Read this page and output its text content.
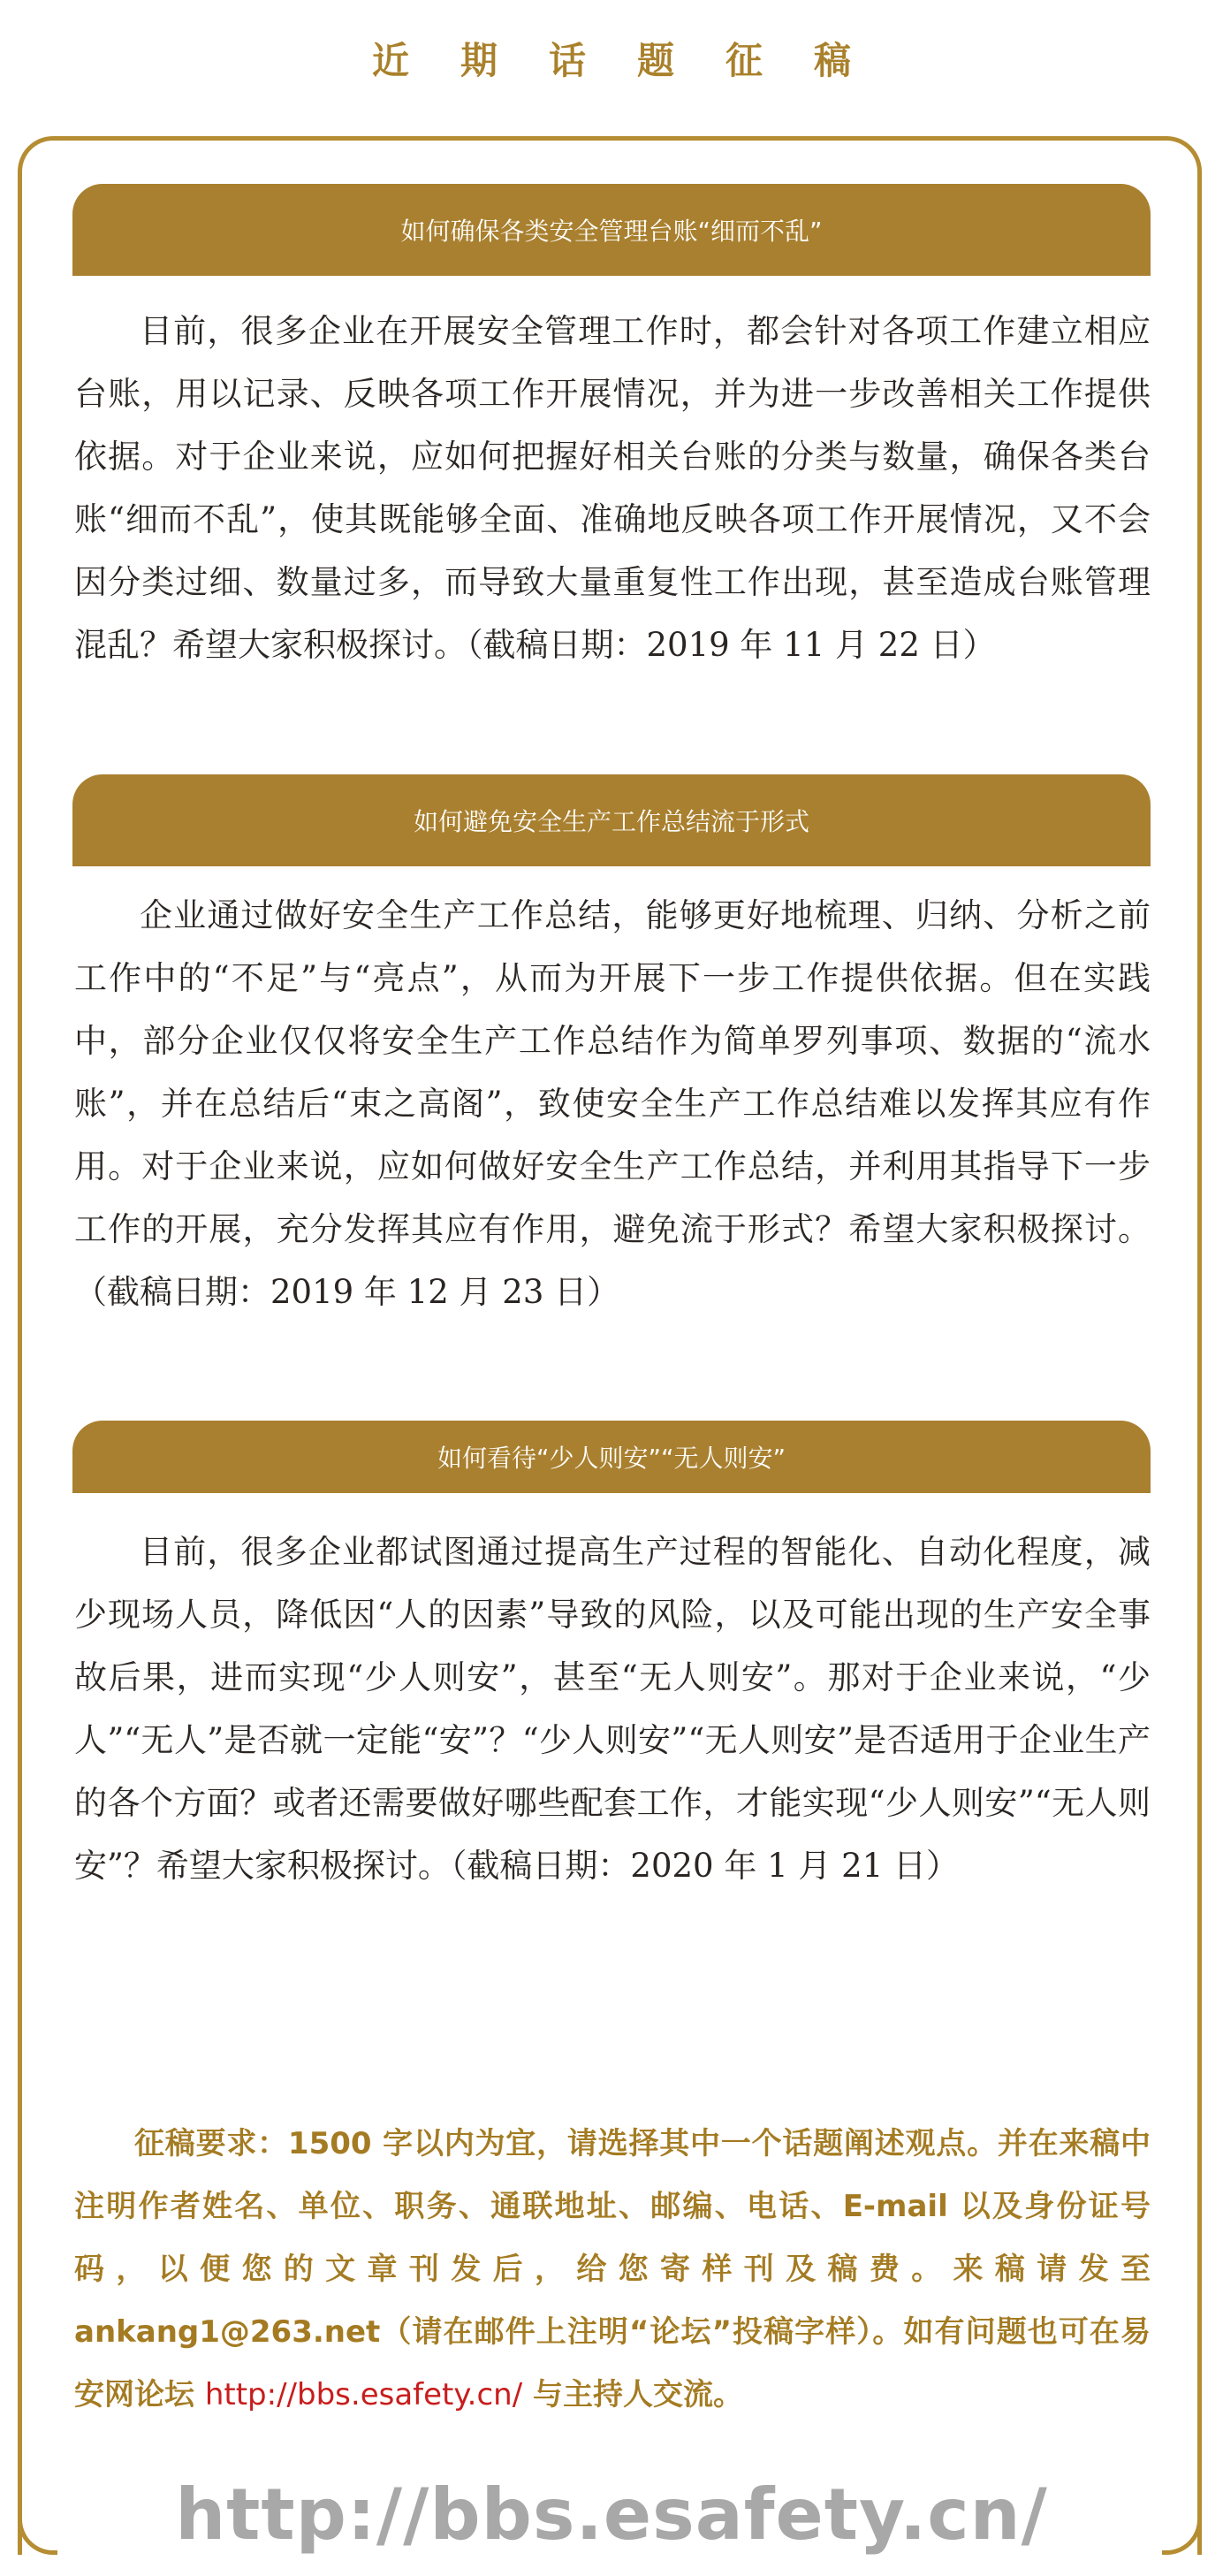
近期话题征稿
如何确保各类安全管理台账“细而不乱”

目前，很多企业在开展安全管理工作时，都会针对各项工作建立相应台账，用以记录、反映各项工作开展情况，并为进一步改善相关工作提供依据。对于企业来说，应如何把握好相关台账的分类与数量，确保各类台账“细而不乱”，使其既能够全面、准确地反映各项工作开展情况，又不会因分类过细、数量过多，而导致大量重复性工作出现，甚至造成台账管理混乱？希望大家积极探讨。（截稿日期：2019 年 11 月 22 日）

如何避免安全生产工作总结流于形式

企业通过做好安全生产工作总结，能够更好地梳理、归纳、分析之前工作中的“不足”与“亮点”，从而为开展下一步工作提供依据。但在实践中，部分企业仅仅将安全生产工作总结作为简单罗列事项、数据的“流水账”，并在总结后“束之高阁”，致使安全生产工作总结难以发挥其应有作用。对于企业来说，应如何做好安全生产工作总结，并利用其指导下一步工作的开展，充分发挥其应有作用，避免流于形式？希望大家积极探讨。（截稿日期：2019 年 12 月 23 日）

如何看待“少人则安”“无人则安”

目前，很多企业都试图通过提高生产过程的智能化、自动化程度，减少现场人员，降低因“人的因素”导致的风险，以及可能出现的生产安全事故后果，进而实现“少人则安”，甚至“无人则安”。那对于企业来说，“少人”“无人”是否就一定能“安”？“少人则安”“无人则安”是否适用于企业生产的各个方面？或者还需要做好哪些配套工作，才能实现“少人则安”“无人则安”？希望大家积极探讨。（截稿日期：2020 年 1 月 21 日）

征稿要求：1500 字以内为宜，请选择其中一个话题阐述观点。并在来稿中注明作者姓名、单位、职务、通联地址、邮编、电话、E-mail 以及身份证号码，以便您的文章刊发后，给您寄样刊及稿费。来稿请发至 ankang1@263.net（请在邮件上注明“论坛”投稿字样）。如有问题也可在易安网论坛 http://bbs.esafety.cn/ 与主持人交流。

http://bbs.esafety.cn/
